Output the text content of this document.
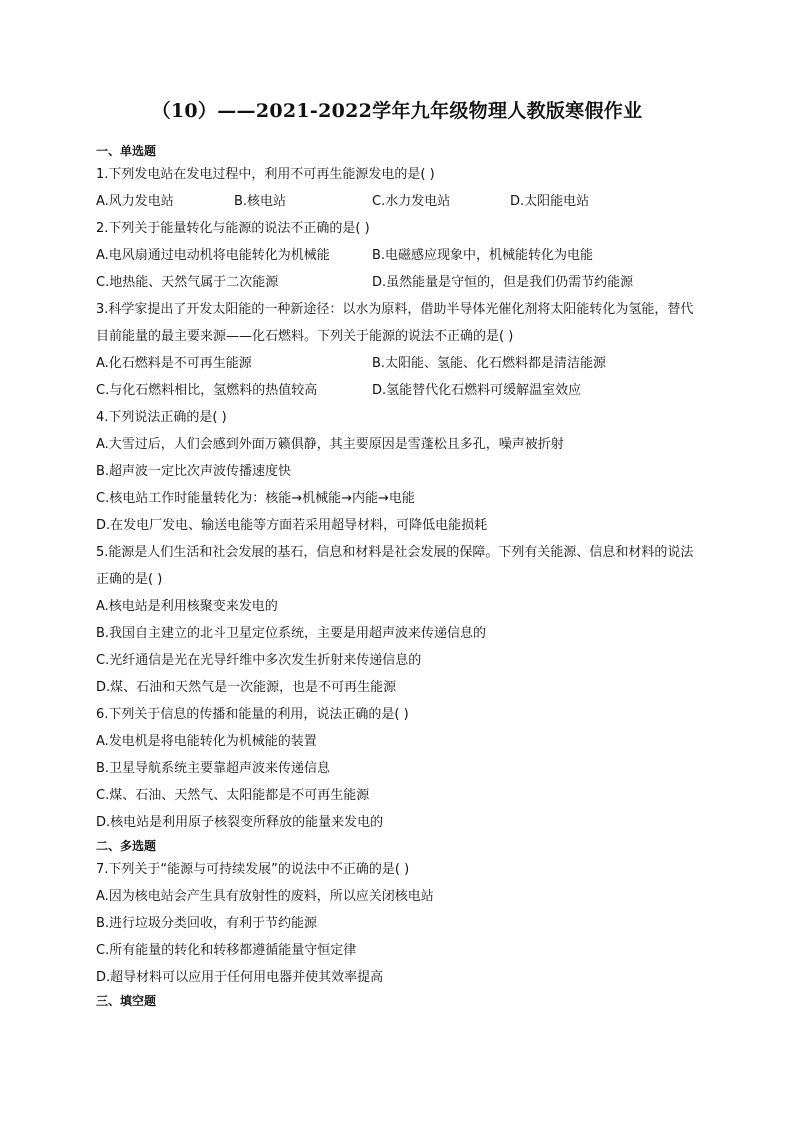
（10）——2021-2022学年九年级物理人教版寒假作业
一、单选题
1.下列发电站在发电过程中，利用不可再生能源发电的是( )
A.风力发电站	B.核电站	C.水力发电站	D.太阳能电站
2.下列关于能量转化与能源的说法不正确的是( )
A.电风扇通过电动机将电能转化为机械能	B.电磁感应现象中，机械能转化为电能
C.地热能、天然气属于二次能源	D.虽然能量是守恒的，但是我们仍需节约能源
3.科学家提出了开发太阳能的一种新途径：以水为原料，借助半导体光催化剂将太阳能转化为氢能，替代目前能量的最主要来源——化石燃料。下列关于能源的说法不正确的是( )
A.化石燃料是不可再生能源	B.太阳能、氢能、化石燃料都是清洁能源
C.与化石燃料相比，氢燃料的热值较高	D.氢能替代化石燃料可缓解温室效应
4.下列说法正确的是( )
A.大雪过后，人们会感到外面万籁俱静，其主要原因是雪蓬松且多孔，噪声被折射
B.超声波一定比次声波传播速度快
C.核电站工作时能量转化为：核能→机械能→内能→电能
D.在发电厂发电、输送电能等方面若采用超导材料，可降低电能损耗
5.能源是人们生活和社会发展的基石，信息和材料是社会发展的保障。下列有关能源、信息和材料的说法正确的是( )
A.核电站是利用核聚变来发电的
B.我国自主建立的北斗卫星定位系统，主要是用超声波来传递信息的
C.光纤通信是光在光导纤维中多次发生折射来传递信息的
D.煤、石油和天然气是一次能源，也是不可再生能源
6.下列关于信息的传播和能量的利用，说法正确的是( )
A.发电机是将电能转化为机械能的装置
B.卫星导航系统主要靠超声波来传递信息
C.煤、石油、天然气、太阳能都是不可再生能源
D.核电站是利用原子核裂变所释放的能量来发电的
二、多选题
7.下列关于“能源与可持续发展”的说法中不正确的是( )
A.因为核电站会产生具有放射性的废料，所以应关闭核电站
B.进行垃圾分类回收，有利于节约能源
C.所有能量的转化和转移都遵循能量守恒定律
D.超导材料可以应用于任何用电器并使其效率提高
三、填空题
